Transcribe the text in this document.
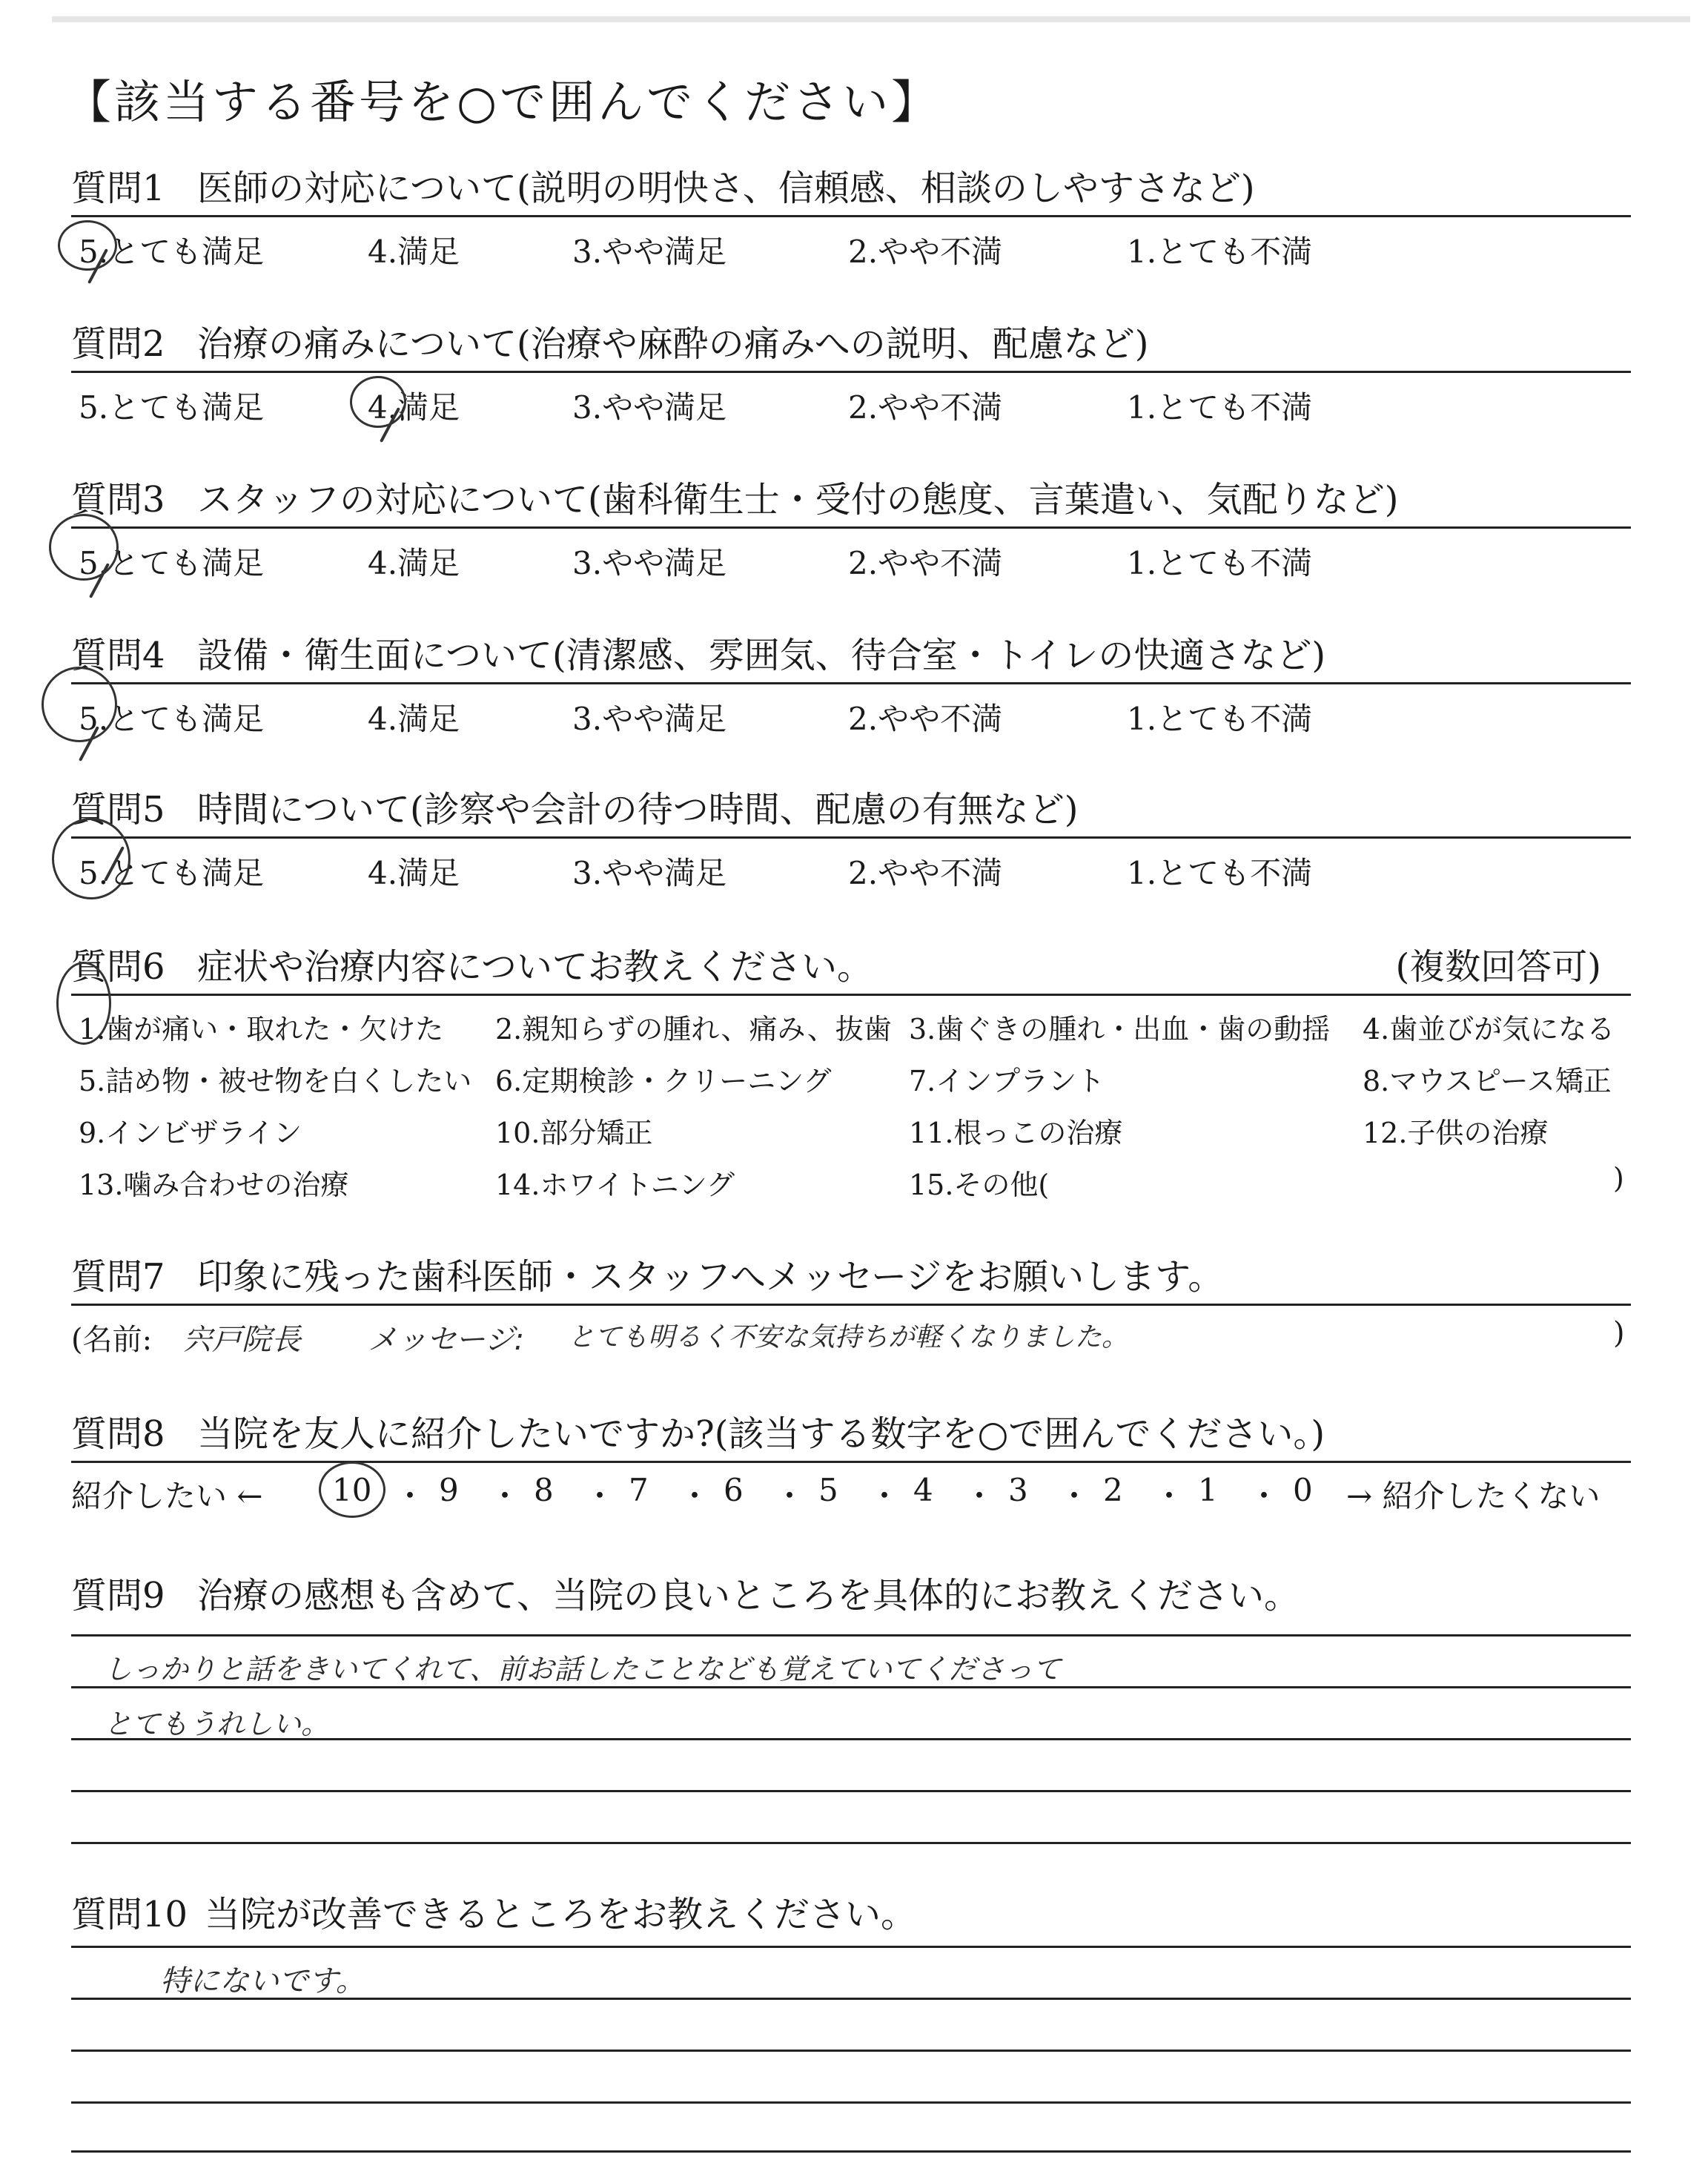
【該当する番号を○で囲んでください】
質問1 医師の対応について(説明の明快さ、信頼感、相談のしやすさなど)
5.とても満足	4.満足	3.やや満足	2.やや不満	1.とても不満
質問2 治療の痛みについて(治療や麻酔の痛みへの説明、配慮など)
5.とても満足	4.満足	3.やや満足	2.やや不満	1.とても不満
質問3 スタッフの対応について(歯科衛生士・受付の態度、言葉遣い、気配りなど)
5.とても満足	4.満足	3.やや満足	2.やや不満	1.とても不満
質問4 設備・衛生面について(清潔感、雰囲気、待合室・トイレの快適さなど)
5.とても満足	4.満足	3.やや満足	2.やや不満	1.とても不満
質問5 時間について(診察や会計の待つ時間、配慮の有無など)
5.とても満足	4.満足	3.やや満足	2.やや不満	1.とても不満
質問6 症状や治療内容についてお教えください。	(複数回答可)
1.歯が痛い・取れた・欠けた 2.親知らずの腫れ、痛み、抜歯 3.歯ぐきの腫れ・出血・歯の動揺 4.歯並びが気になる
5.詰め物・被せ物を白くしたい 6.定期検診・クリーニング	7.インプラント	8.マウスピース矯正
9.インビザライン	10.部分矯正	11.根っこの治療	12.子供の治療
13.噛み合わせの治療	14.ホワイトニング	15.その他(	)
質問7 印象に残った歯科医師・スタッフへメッセージをお願いします。
(名前: 宍戸院長 メッセージ: とても明るく不安な気持ちが軽くなりました。	)
質問8 当院を友人に紹介したいですか?(該当する数字を○で囲んでください。)
紹介したい ← 10 ・ 9 ・ 8 ・ 7 ・ 6 ・ 5 ・ 4 ・ 3 ・ 2 ・ 1 ・ 0 → 紹介したくない
質問9 治療の感想も含めて、当院の良いところを具体的にお教えください。
しっかりと話をきいてくれて、前お話したことなども覚えていてくださって
とてもうれしい。
質問10 当院が改善できるところをお教えください。
特にないです。
